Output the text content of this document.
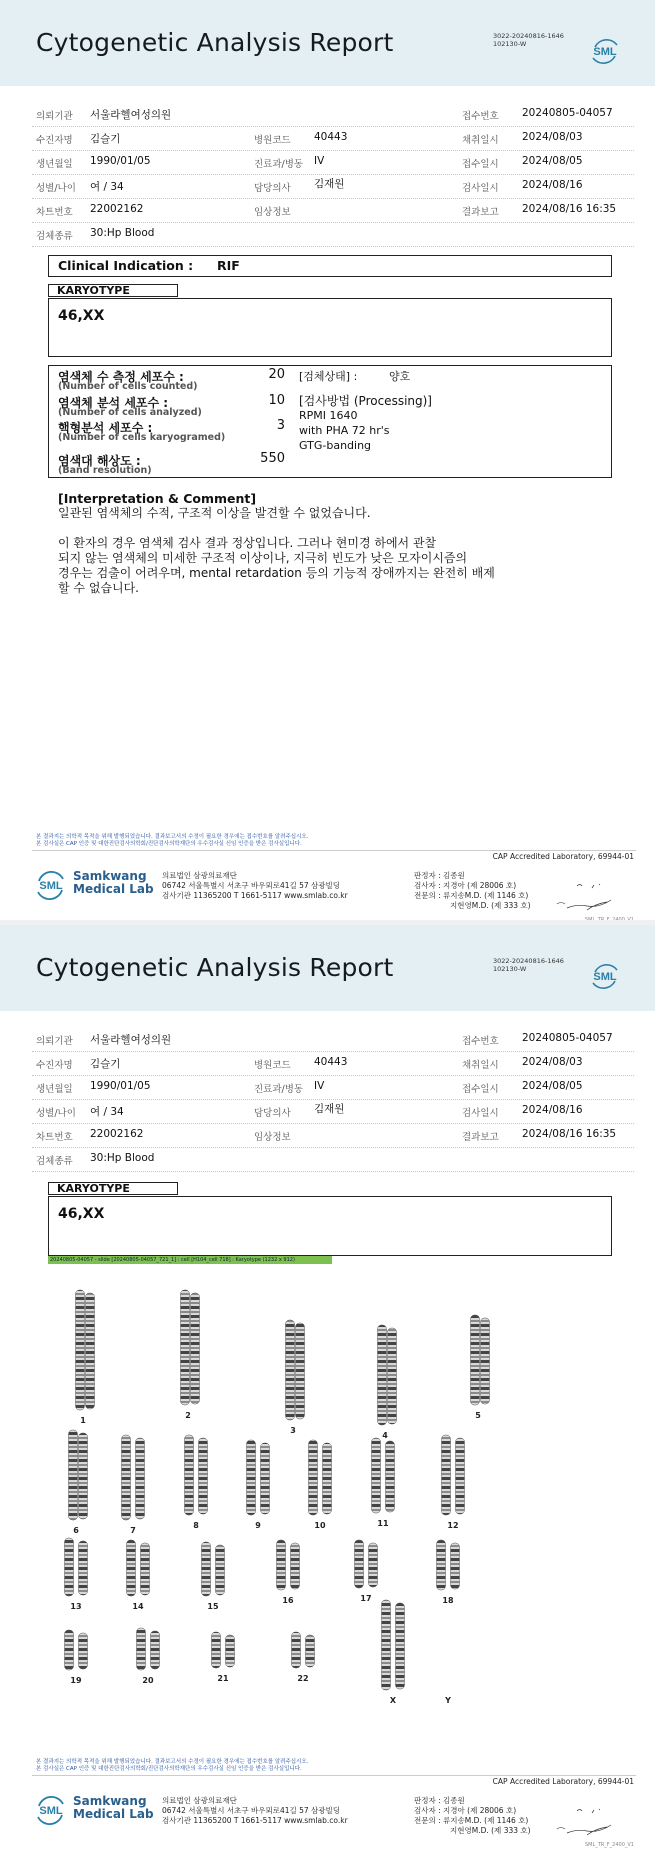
Cytogenetic Analysis Report	3022-20240816-1646
102130-W
SML
의뢰기관 서울라헬여성의원	접수번호 20240805-04057
수진자명 김슬기	병원코드 40443	채취일시 2024/08/03
생년월일 1990/01/05	진료과/병동 IV	접수일시 2024/08/05
성별/나이 여 / 34	담당의사 김재원	검사일시 2024/08/16
차트번호 22002162	임상정보	결과보고 2024/08/16 16:35
검체종류 30:Hp Blood
Clinical Indication : RIF
KARYOTYPE
46,XX
염색체 수 측정 세포수 :
(Number of cells counted)
20
염색체 분석 세포수 :
(Number of cells analyzed)
10
핵형분석 세포수 :
(Number of cells karyogramed)
3
염색대 해상도 :
(Band resolution)
550
[검체상태] :	양호
[검사방법 (Processing)]
RPMI 1640
with PHA 72 hr's
GTG-banding

[Interpretation & Comment]

일관된 염색체의 수적, 구조적 이상을 발견할 수 없었습니다.

이 환자의 경우 염색체 검사 결과 정상입니다. 그러나 현미경 하에서 관찰

되지 않는 염색체의 미세한 구조적 이상이나, 지극히 빈도가 낮은 모자이시즘의

경우는 검출이 어려우며, mental retardation 등의 기능적 장애까지는 완전히 배제

할 수 없습니다.

본 결과지는 의학적 목적을 위해 발행되었습니다. 결과보고서의 수정이 필요한 경우에는 접수번호를 알려주십시오.
본 검사실은 CAP 인증 및 대한진단검사의학회/진단검사의학재단의 우수검사실 신임 인증을 받은 검사실입니다.
CAP Accredited Laboratory, 69944-01
SML
Samkwang
Medical Lab
의료법인 삼광의료재단
06742 서울특별시 서초구 바우뫼로41길 57 삼광빌딩
검사기관 11365200 T 1661-5117 www.smlab.co.kr
판정자 : 김종원
검사자 : 지경아 (제 28006 호)
전문의 : 류지송M.D. (제 1146 호)
지현영M.D. (제 333 호)
Cytogenetic Analysis Report	3022-20240816-1646
102130-W
SML
의뢰기관 서울라헬여성의원	접수번호 20240805-04057
수진자명 김슬기	병원코드 40443	채취일시 2024/08/03
생년월일 1990/01/05	진료과/병동 IV	접수일시 2024/08/05
성별/나이 여 / 34	담당의사 김재원	검사일시 2024/08/16
차트번호 22002162	임상정보	결과보고 2024/08/16 16:35
검체종류 30:Hp Blood
KARYOTYPE
46,XX
본 결과지는 의학적 목적을 위해 발행되었습니다. 결과보고서의 수정이 필요한 경우에는 접수번호를 알려주십시오.
본 검사실은 CAP 인증 및 대한진단검사의학회/진단검사의학재단의 우수검사실 신임 인증을 받은 검사실입니다.
CAP Accredited Laboratory, 69944-01
SML
Samkwang
Medical Lab
의료법인 삼광의료재단
06742 서울특별시 서초구 바우뫼로41길 57 삼광빌딩
검사기관 11365200 T 1661-5117 www.smlab.co.kr
판정자 : 김종원
검사자 : 지경아 (제 28006 호)
전문의 : 류지송M.D. (제 1146 호)
지현영M.D. (제 333 호)
SML_TR_F_2400_V1
20240805-04057 - slide [20240805-04057_721_1] : cell [H104_cell 718] : Karyotype (1232 x 912)
1
2
3
4
5
6	7
8	9	10	11	12
13	14	15
16	17	18
19	20	21	22
X	Y
